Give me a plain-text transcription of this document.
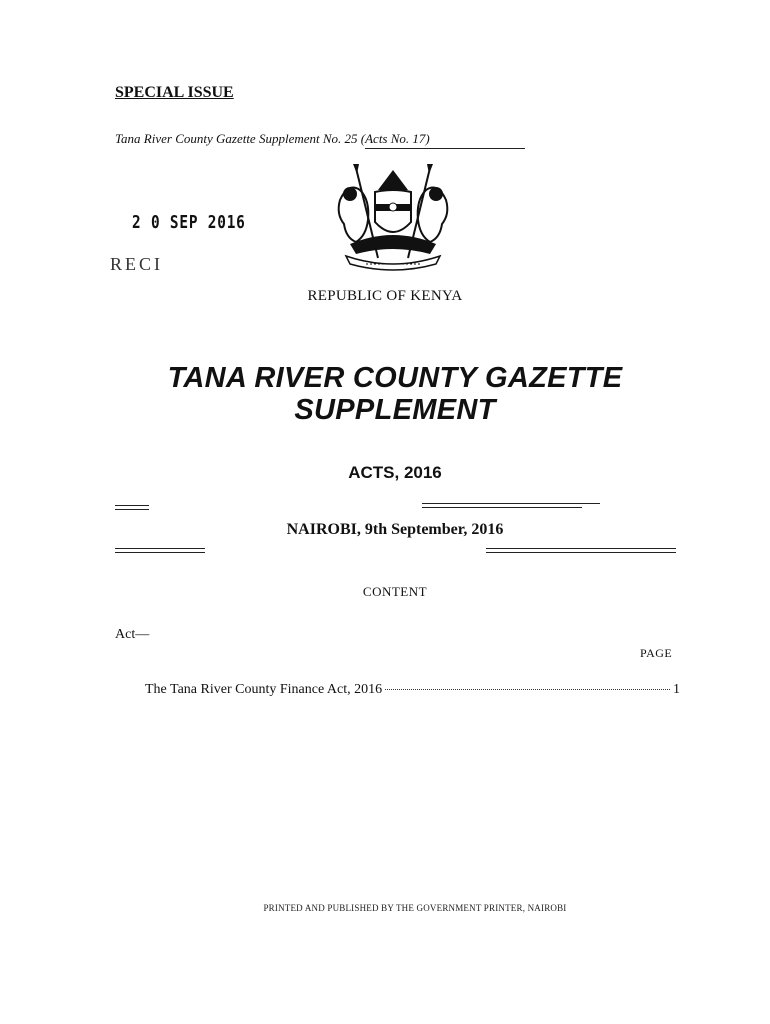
SPECIAL ISSUE
Tana River County Gazette Supplement No. 25 (Acts No. 17)
2 0 SEP 2016
RECI
REPUBLIC OF KENYA
TANA RIVER COUNTY GAZETTE
SUPPLEMENT
ACTS, 2016
NAIROBI, 9th September, 2016
CONTENT
Act—
PAGE
The Tana River County Finance Act, 2016	1
PRINTED AND PUBLISHED BY THE GOVERNMENT PRINTER, NAIROBI
